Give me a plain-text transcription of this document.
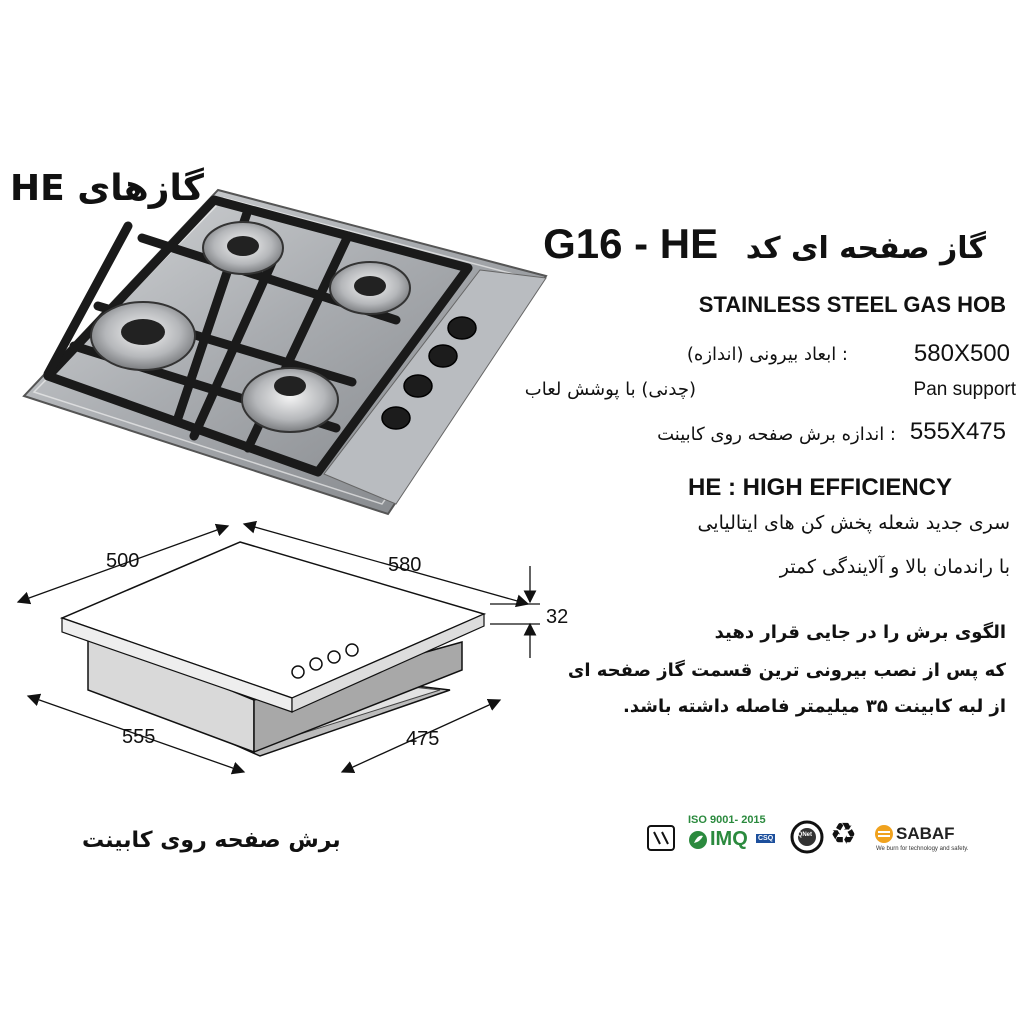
گازهای HE
G16 - HE گاز صفحه ای کد
STAINLESS STEEL GAS HOB
: ابعاد بیرونی (اندازه)	580X500
(چدنی) با پوشش لعاب	Pan support
: اندازه برش صفحه روی کابینت 555X475
HE : HIGH EFFICIENCY
سری جدید شعله پخش کن های ایتالیایی
با راندمان بالا و آلایندگی کمتر
الگوی برش را در جایی قرار دهید
که پس از نصب بیرونی ترین قسمت گاز صفحه ای
از لبه کابینت ۳۵ میلیمتر فاصله داشته باشد.
500	580
32
555	475
برش صفحه روی کابینت
ISO 9001- 2015
IMQ CSQ	IQNet ♻ SABAF
We burn for technology and safety.
